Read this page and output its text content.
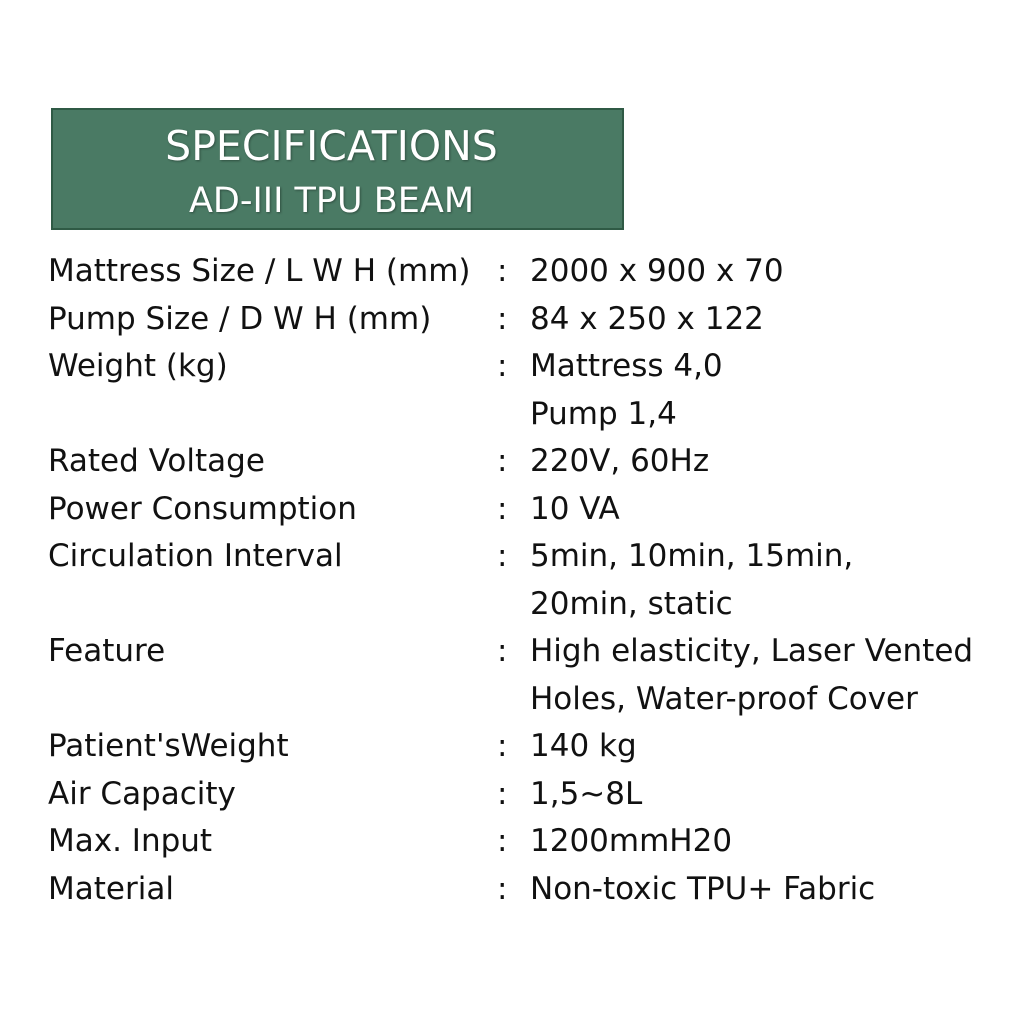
SPECIFICATIONS
AD-III TPU BEAM
Mattress Size / L W H (mm) : 2000 x 900 x 70
Pump Size / D W H (mm) : 84 x 250 x 122
Weight (kg)	: Mattress 4,0
Pump 1,4
Rated Voltage	: 220V, 60Hz
Power Consumption	: 10 VA
Circulation Interval	: 5min, 10min, 15min,
20min, static
Feature	: High elasticity, Laser Vented
Holes, Water-proof Cover
Patient'sWeight	: 140 kg
Air Capacity	: 1,5~8L
Max. Input	: 1200mmH20
Material	: Non-toxic TPU+ Fabric
